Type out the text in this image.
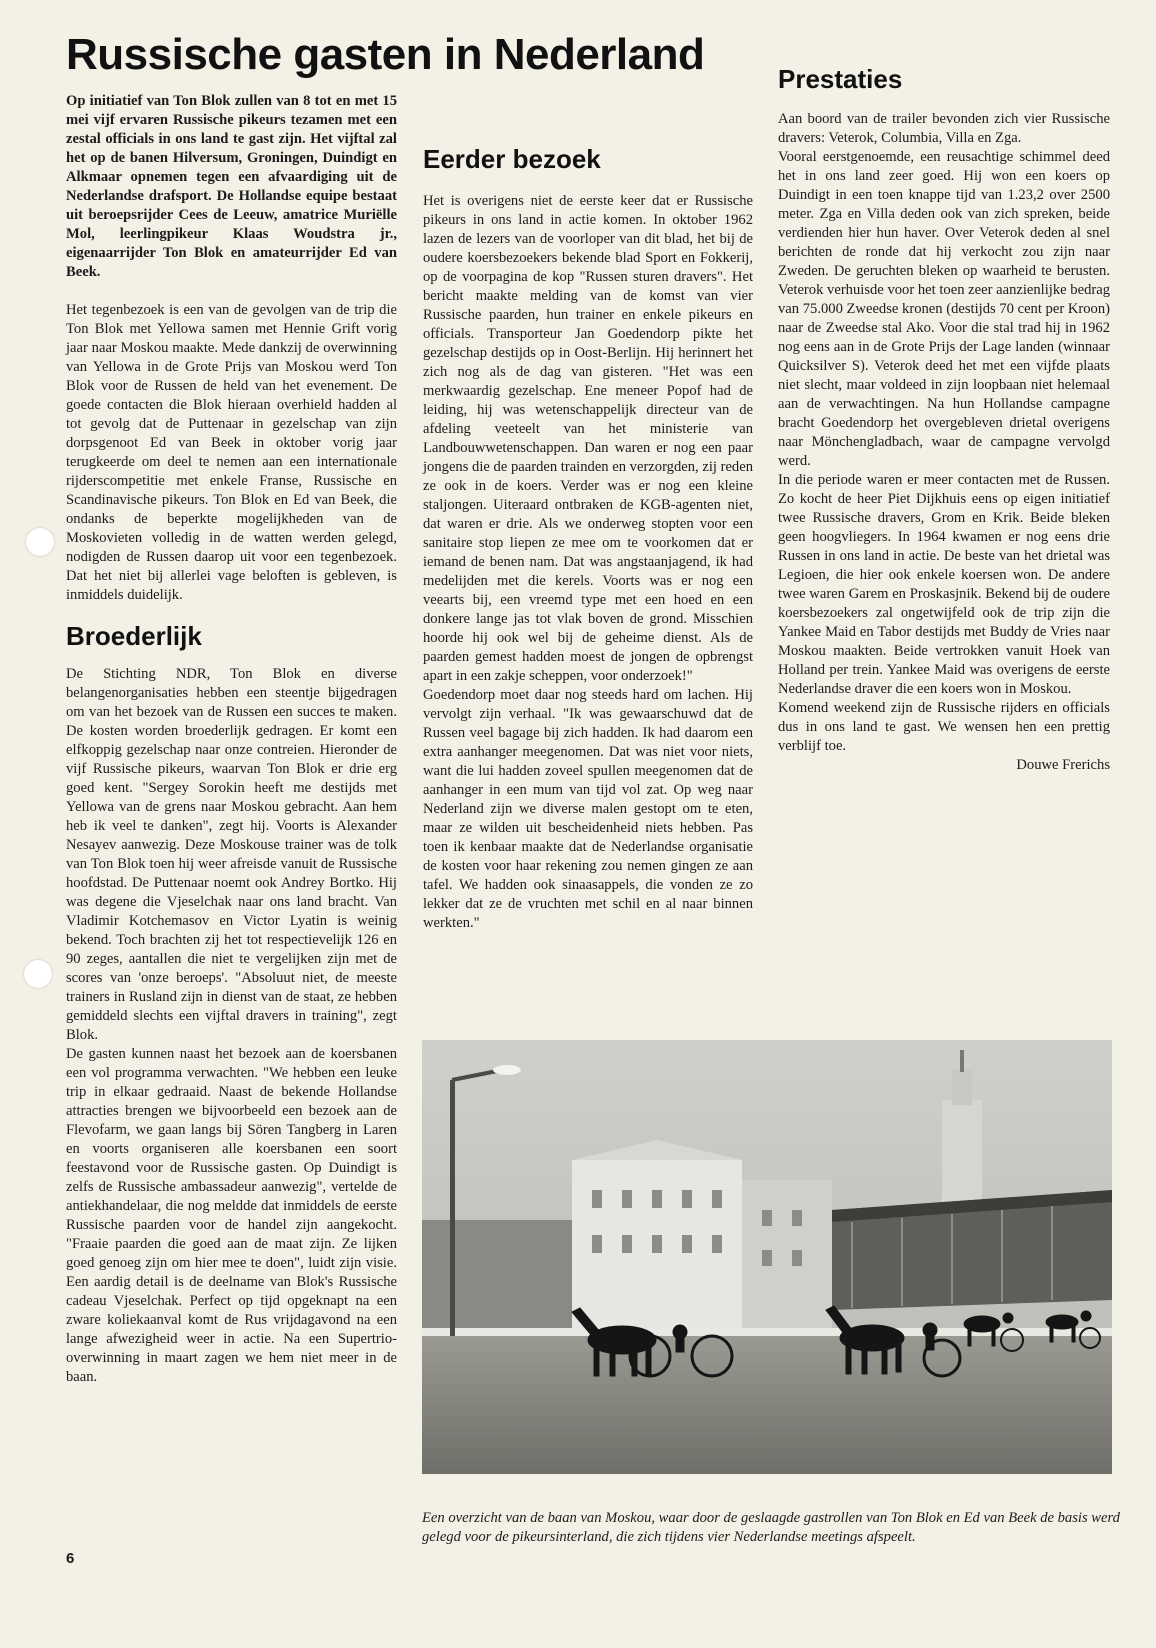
Russische gasten in Nederland

Op initiatief van Ton Blok zullen van 8 tot en met 15 mei vijf ervaren Russische pikeurs tezamen met een zestal officials in ons land te gast zijn. Het vijftal zal het op de banen Hilversum, Groningen, Duindigt en Alkmaar opnemen tegen een afvaardiging uit de Nederlandse drafsport. De Hollandse equipe bestaat uit beroepsrijder Cees de Leeuw, amatrice Muriëlle Mol, leerlingpikeur Klaas Woudstra jr., eigenaarrijder Ton Blok en amateurrijder Ed van Beek.

Het tegenbezoek is een van de gevolgen van de trip die Ton Blok met Yellowa samen met Hennie Grift vorig jaar naar Moskou maakte. Mede dankzij de overwinning van Yellowa in de Grote Prijs van Moskou werd Ton Blok voor de Russen de held van het evenement. De goede contacten die Blok hieraan overhield hadden al tot gevolg dat de Puttenaar in gezelschap van zijn dorpsgenoot Ed van Beek in oktober vorig jaar terugkeerde om deel te nemen aan een internationale rijderscompetitie met enkele Franse, Russische en Scandinavische pikeurs. Ton Blok en Ed van Beek, die ondanks de beperkte mogelijkheden van de Moskovieten volledig in de watten werden gelegd, nodigden de Russen daarop uit voor een tegenbezoek. Dat het niet bij allerlei vage beloften is gebleven, is inmiddels duidelijk.

Broederlijk

De Stichting NDR, Ton Blok en diverse belangenorganisaties hebben een steentje bijgedragen om van het bezoek van de Russen een succes te maken. De kosten worden broederlijk gedragen. Er komt een elfkoppig gezelschap naar onze contreien. Hieronder de vijf Russische pikeurs, waarvan Ton Blok er drie erg goed kent. "Sergey Sorokin heeft me destijds met Yellowa van de grens naar Moskou gebracht. Aan hem heb ik veel te danken", zegt hij. Voorts is Alexander Nesayev aanwezig. Deze Moskouse trainer was de tolk van Ton Blok toen hij weer afreisde vanuit de Russische hoofdstad. De Puttenaar noemt ook Andrey Bortko. Hij was degene die Vjeselchak naar ons land bracht. Van Vladimir Kotchemasov en Victor Lyatin is weinig bekend. Toch brachten zij het tot respectievelijk 126 en 90 zeges, aantallen die niet te vergelijken zijn met de scores van 'onze beroeps'. "Absoluut niet, de meeste trainers in Rusland zijn in dienst van de staat, ze hebben gemiddeld slechts een vijftal dravers in training", zegt Blok.

De gasten kunnen naast het bezoek aan de koersbanen een vol programma verwachten. "We hebben een leuke trip in elkaar gedraaid. Naast de bekende Hollandse attracties brengen we bijvoorbeeld een bezoek aan de Flevofarm, we gaan langs bij Sören Tangberg in Laren en voorts organiseren alle koersbanen een soort feestavond voor de Russische gasten. Op Duindigt is zelfs de Russische ambassadeur aanwezig", vertelde de antiekhandelaar, die nog meldde dat inmiddels de eerste Russische paarden voor de handel zijn aangekocht. "Fraaie paarden die goed aan de maat zijn. Ze lijken goed genoeg zijn om hier mee te doen", luidt zijn visie. Een aardig detail is de deelname van Blok's Russische cadeau Vjeselchak. Perfect op tijd opgeknapt na een zware koliekaanval komt de Rus vrijdagavond na een lange afwezigheid weer in actie. Na een Supertrio-overwinning in maart zagen we hem niet meer in de baan.

Eerder bezoek

Het is overigens niet de eerste keer dat er Russische pikeurs in ons land in actie komen. In oktober 1962 lazen de lezers van de voorloper van dit blad, het bij de oudere koersbezoekers bekende blad Sport en Fokkerij, op de voorpagina de kop "Russen sturen dravers". Het bericht maakte melding van de komst van vier Russische paarden, hun trainer en enkele pikeurs en officials. Transporteur Jan Goedendorp pikte het gezelschap destijds op in Oost-Berlijn. Hij herinnert het zich nog als de dag van gisteren. "Het was een merkwaardig gezelschap. Ene meneer Popof had de leiding, hij was wetenschappelijk directeur van de afdeling veeteelt van het ministerie van Landbouwwetenschappen. Dan waren er nog een paar jongens die de paarden trainden en verzorgden, zij reden ze ook in de koers. Verder was er nog een kleine staljongen. Uiteraard ontbraken de KGB-agenten niet, dat waren er drie. Als we onderweg stopten voor een sanitaire stop liepen ze mee om te voorkomen dat er iemand de benen nam. Dat was angstaanjagend, ik had medelijden met die kerels. Voorts was er nog een veearts bij, een vreemd type met een hoed en een donkere lange jas tot vlak boven de grond. Misschien hoorde hij ook wel bij de geheime dienst. Als de paarden gemest hadden moest de jongen de opbrengst apart in een zakje scheppen, voor onderzoek!"

Goedendorp moet daar nog steeds hard om lachen. Hij vervolgt zijn verhaal. "Ik was gewaarschuwd dat de Russen veel bagage bij zich hadden. Ik had daarom een extra aanhanger meegenomen. Dat was niet voor niets, want die lui hadden zoveel spullen meegenomen dat de aanhanger in een mum van tijd vol zat. Op weg naar Nederland zijn we diverse malen gestopt om te eten, maar ze wilden uit bescheidenheid niets hebben. Pas toen ik kenbaar maakte dat de Nederlandse organisatie de kosten voor haar rekening zou nemen gingen ze aan tafel. We hadden ook sinaasappels, die vonden ze zo lekker dat ze de vruchten met schil en al naar binnen werkten."

Prestaties

Aan boord van de trailer bevonden zich vier Russische dravers: Veterok, Columbia, Villa en Zga.

Vooral eerstgenoemde, een reusachtige schimmel deed het in ons land zeer goed. Hij won een koers op Duindigt in een toen knappe tijd van 1.23,2 over 2500 meter. Zga en Villa deden ook van zich spreken, beide verdienden hier hun haver. Over Veterok deden al snel berichten de ronde dat hij verkocht zou zijn naar Zweden. De geruchten bleken op waarheid te berusten. Veterok verhuisde voor het toen zeer aanzienlijke bedrag van 75.000 Zweedse kronen (destijds 70 cent per Kroon) naar de Zweedse stal Ako. Voor die stal trad hij in 1962 nog eens aan in de Grote Prijs der Lage landen (winnaar Quicksilver S). Veterok deed het met een vijfde plaats niet slecht, maar voldeed in zijn loopbaan niet helemaal aan de verwachtingen. Na hun Hollandse campagne bracht Goedendorp het overgebleven drietal overigens naar Mönchengladbach, waar de campagne vervolgd werd.

In die periode waren er meer contacten met de Russen. Zo kocht de heer Piet Dijkhuis eens op eigen initiatief twee Russische dravers, Grom en Krik. Beide bleken geen hoogvliegers. In 1964 kwamen er nog eens drie Russen in ons land in actie. De beste van het drietal was Legioen, die hier ook enkele koersen won. De andere twee waren Garem en Proskasjnik. Bekend bij de oudere koersbezoekers zal ongetwijfeld ook de trip zijn die Yankee Maid en Tabor destijds met Buddy de Vries naar Moskou maakten. Beide vertrokken vanuit Hoek van Holland per trein. Yankee Maid was overigens de eerste Nederlandse draver die een koers won in Moskou.

Komend weekend zijn de Russische rijders en officials dus in ons land te gast. We wensen hen een prettig verblijf toe.

Douwe Frerichs

Een overzicht van de baan van Moskou, waar door de geslaagde gastrollen van Ton Blok en Ed van Beek de basis werd gelegd voor de pikeursinterland, die zich tijdens vier Nederlandse meetings afspeelt.

6
